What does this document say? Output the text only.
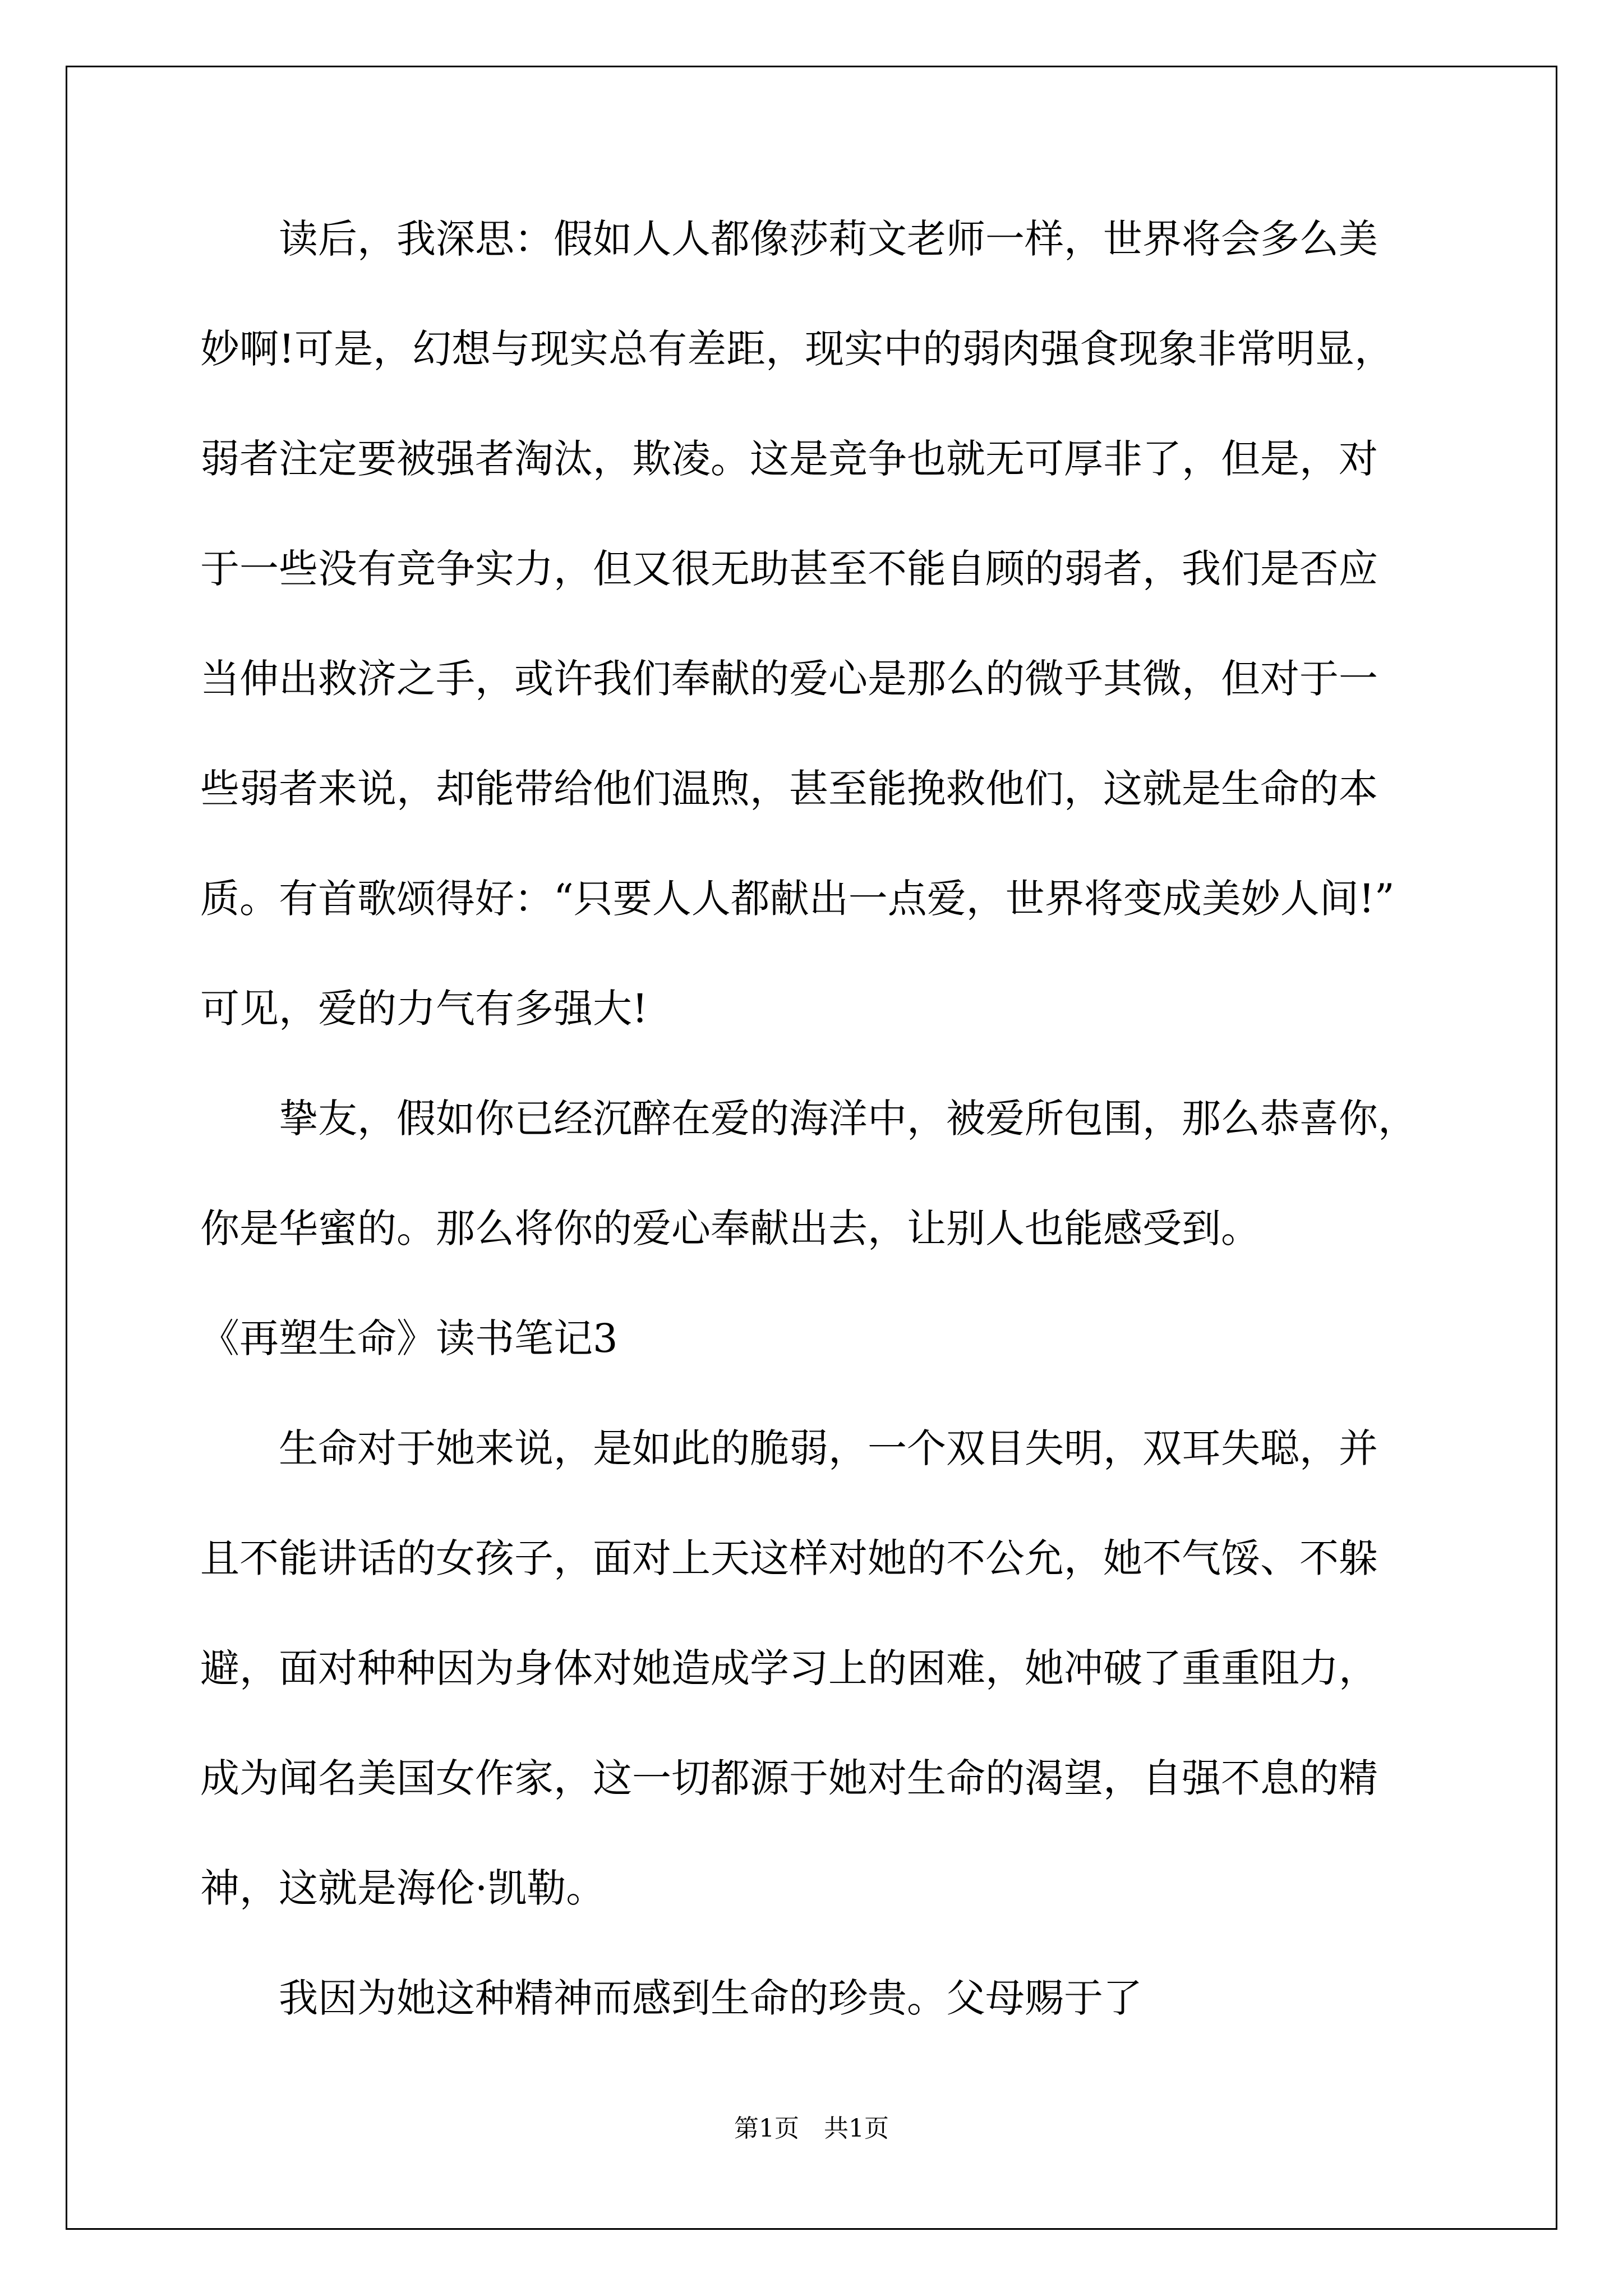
　　读后，我深思：假如人人都像莎莉文老师一样，世界将会多么美
妙啊!可是，幻想与现实总有差距，现实中的弱肉强食现象非常明显，
弱者注定要被强者淘汰，欺凌。这是竞争也就无可厚非了，但是，对
于一些没有竞争实力，但又很无助甚至不能自顾的弱者，我们是否应
当伸出救济之手，或许我们奉献的爱心是那么的微乎其微，但对于一
些弱者来说，却能带给他们温煦，甚至能挽救他们，这就是生命的本
质。有首歌颂得好：“只要人人都献出一点爱，世界将变成美妙人间!”
可见，爱的力气有多强大!
　　挚友，假如你已经沉醉在爱的海洋中，被爱所包围，那么恭喜你，
你是华蜜的。那么将你的爱心奉献出去，让别人也能感受到。
《再塑生命》读书笔记3
　　生命对于她来说，是如此的脆弱，一个双目失明，双耳失聪，并
且不能讲话的女孩子，面对上天这样对她的不公允，她不气馁、不躲
避，面对种种因为身体对她造成学习上的困难，她冲破了重重阻力，
成为闻名美国女作家，这一切都源于她对生命的渴望，自强不息的精
神，这就是海伦·凯勒。
　　我因为她这种精神而感到生命的珍贵。父母赐于了
第1页　共1页
